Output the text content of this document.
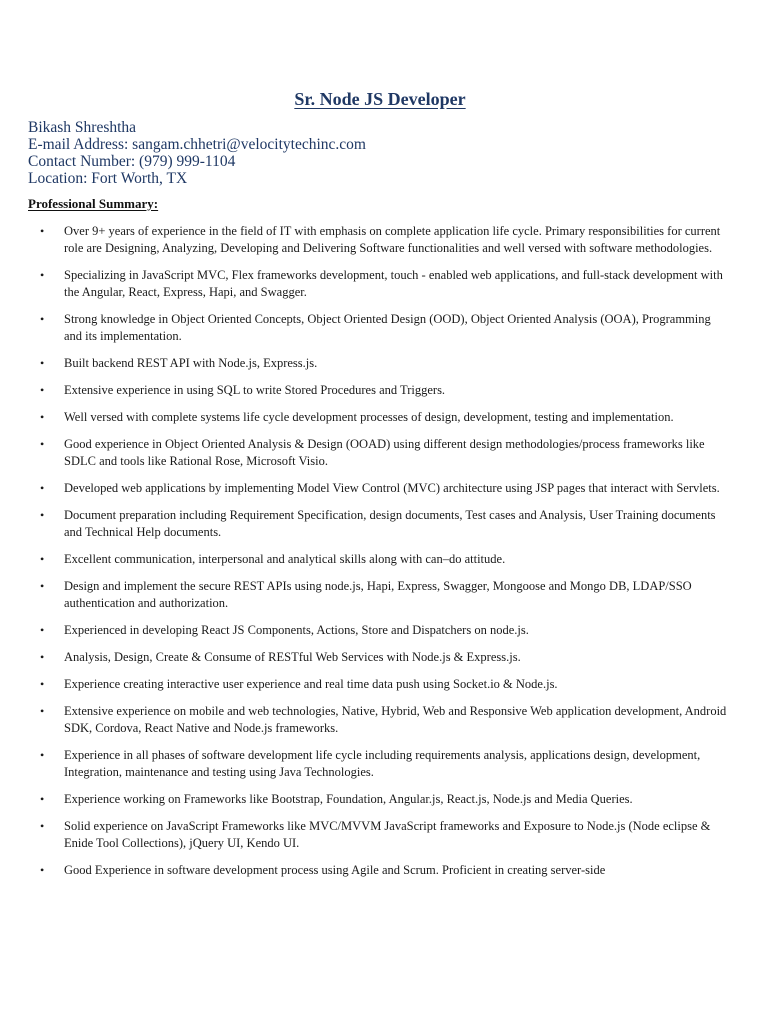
Sr. Node JS Developer
Bikash Shreshtha
E-mail Address: sangam.chhetri@velocitytechinc.com
Contact Number: (979) 999-1104
Location: Fort Worth, TX
Professional Summary:
• Over 9+ years of experience in the field of IT with emphasis on complete application life cycle. Primary responsibilities for current role are Designing, Analyzing, Developing and Delivering Software functionalities and well versed with software methodologies.
• Specializing in JavaScript MVC, Flex frameworks development, touch - enabled web applications, and full-stack development with the Angular, React, Express, Hapi, and Swagger.
• Strong knowledge in Object Oriented Concepts, Object Oriented Design (OOD), Object Oriented Analysis (OOA), Programming and its implementation.
• Built backend REST API with Node.js, Express.js.
• Extensive experience in using SQL to write Stored Procedures and Triggers.
• Well versed with complete systems life cycle development processes of design, development, testing and implementation.
• Good experience in Object Oriented Analysis & Design (OOAD) using different design methodologies/process frameworks like SDLC and tools like Rational Rose, Microsoft Visio.
• Developed web applications by implementing Model View Control (MVC) architecture using JSP pages that interact with Servlets.
• Document preparation including Requirement Specification, design documents, Test cases and Analysis, User Training documents and Technical Help documents.
• Excellent communication, interpersonal and analytical skills along with can–do attitude.
• Design and implement the secure REST APIs using node.js, Hapi, Express, Swagger, Mongoose and Mongo DB, LDAP/SSO authentication and authorization.
• Experienced in developing React JS Components, Actions, Store and Dispatchers on node.js.
• Analysis, Design, Create & Consume of RESTful Web Services with Node.js & Express.js.
• Experience creating interactive user experience and real time data push using Socket.io & Node.js.
• Extensive experience on mobile and web technologies, Native, Hybrid, Web and Responsive Web application development, Android SDK, Cordova, React Native and Node.js frameworks.
• Experience in all phases of software development life cycle including requirements analysis, applications design, development, Integration, maintenance and testing using Java Technologies.
• Experience working on Frameworks like Bootstrap, Foundation, Angular.js, React.js, Node.js and Media Queries.
• Solid experience on JavaScript Frameworks like MVC/MVVM JavaScript frameworks and Exposure to Node.js (Node eclipse & Enide Tool Collections), jQuery UI, Kendo UI.
• Good Experience in software development process using Agile and Scrum. Proficient in creating server-side
